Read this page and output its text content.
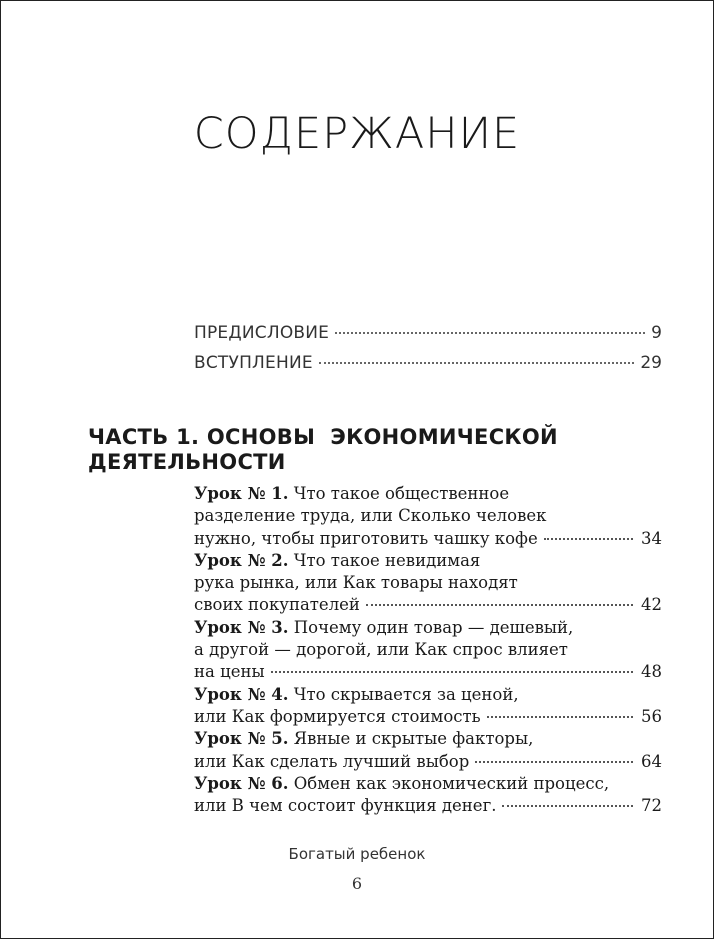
СОДЕРЖАНИЕ
ПРЕДИСЛОВИЕ	9
ВСТУПЛЕНИЕ	29
ЧАСТЬ 1. ОСНОВЫ  ЭКОНОМИЧЕСКОЙ
ДЕЯТЕЛЬНОСТИ
Урок № 1. Что такое общественное
разделение труда, или Сколько человек
нужно, чтобы приготовить чашку кофе	34
Урок № 2. Что такое невидимая
рука рынка, или Как товары находят
своих покупателей	42
Урок № 3. Почему один товар — дешевый,
а другой — дорогой, или Как спрос влияет
на цены	48
Урок № 4. Что скрывается за ценой,
или Как формируется стоимость	56
Урок № 5. Явные и скрытые факторы,
или Как сделать лучший выбор	64
Урок № 6. Обмен как экономический процесс,
или В чем состоит функция денег.	72
Богатый ребенок
6
